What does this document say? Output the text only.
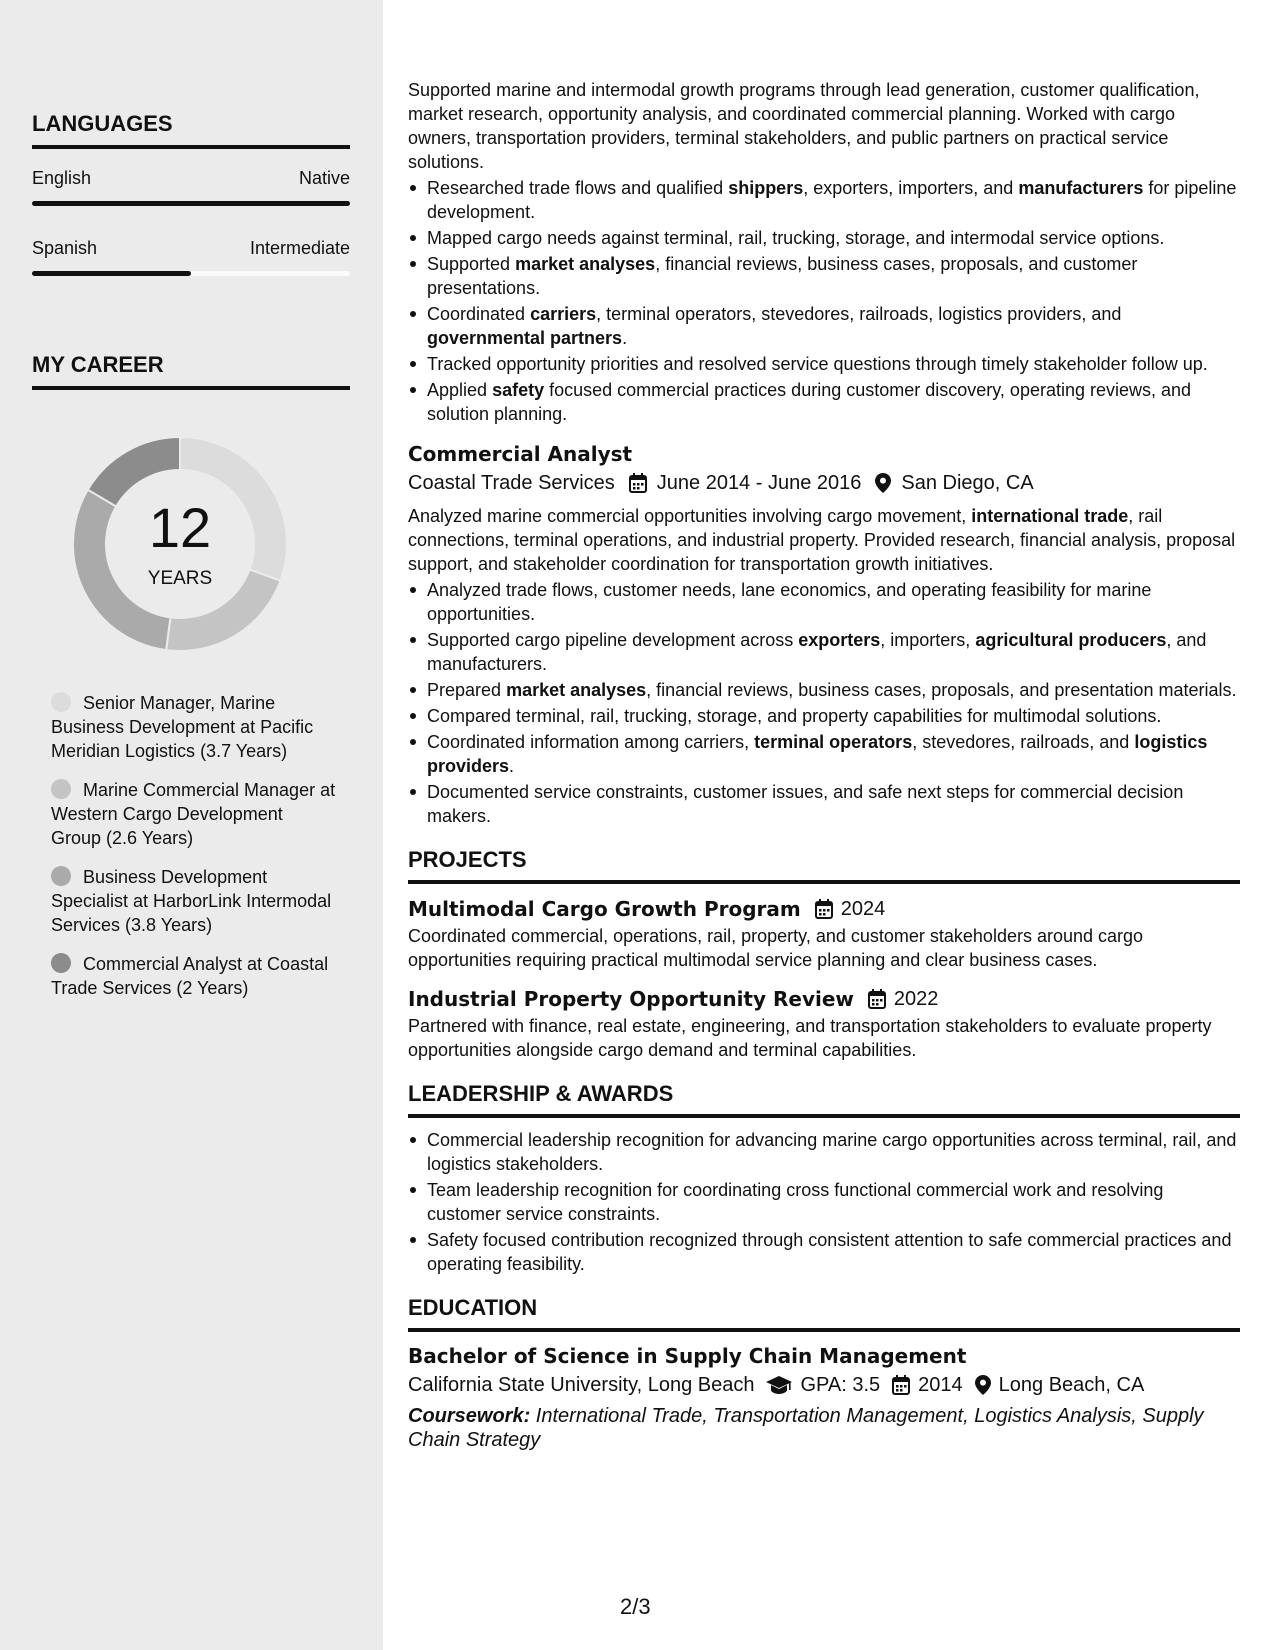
LANGUAGES
English	Native
Spanish	Intermediate
MY CAREER
12
YEARS
Senior Manager, Marine Business Development at Pacific Meridian Logistics (3.7 Years)
Marine Commercial Manager at Western Cargo Development Group (2.6 Years)
Business Development Specialist at HarborLink Intermodal Services (3.8 Years)
Commercial Analyst at Coastal Trade Services (2 Years)
Supported marine and intermodal growth programs through lead generation, customer qualification, market research, opportunity analysis, and coordinated commercial planning. Worked with cargo owners, transportation providers, terminal stakeholders, and public partners on practical service solutions.
Researched trade flows and qualified shippers, exporters, importers, and manufacturers for pipeline development.
Mapped cargo needs against terminal, rail, trucking, storage, and intermodal service options.
Supported market analyses, financial reviews, business cases, proposals, and customer presentations.
Coordinated carriers, terminal operators, stevedores, railroads, logistics providers, and governmental partners.
Tracked opportunity priorities and resolved service questions through timely stakeholder follow up.
Applied safety focused commercial practices during customer discovery, operating reviews, and solution planning.
Commercial Analyst
Coastal Trade Services June 2014 - June 2016 San Diego, CA
Analyzed marine commercial opportunities involving cargo movement, international trade, rail connections, terminal operations, and industrial property. Provided research, financial analysis, proposal support, and stakeholder coordination for transportation growth initiatives.
Analyzed trade flows, customer needs, lane economics, and operating feasibility for marine opportunities.
Supported cargo pipeline development across exporters, importers, agricultural producers, and manufacturers.
Prepared market analyses, financial reviews, business cases, proposals, and presentation materials.
Compared terminal, rail, trucking, storage, and property capabilities for multimodal solutions.
Coordinated information among carriers, terminal operators, stevedores, railroads, and logistics providers.
Documented service constraints, customer issues, and safe next steps for commercial decision makers.
PROJECTS
Multimodal Cargo Growth Program 2024
Coordinated commercial, operations, rail, property, and customer stakeholders around cargo opportunities requiring practical multimodal service planning and clear business cases.
Industrial Property Opportunity Review 2022
Partnered with finance, real estate, engineering, and transportation stakeholders to evaluate property opportunities alongside cargo demand and terminal capabilities.
LEADERSHIP & AWARDS
Commercial leadership recognition for advancing marine cargo opportunities across terminal, rail, and logistics stakeholders.
Team leadership recognition for coordinating cross functional commercial work and resolving customer service constraints.
Safety focused contribution recognized through consistent attention to safe commercial practices and operating feasibility.
EDUCATION
Bachelor of Science in Supply Chain Management
California State University, Long Beach GPA: 3.5 2014 Long Beach, CA
Coursework: International Trade, Transportation Management, Logistics Analysis, Supply Chain Strategy
2/3
